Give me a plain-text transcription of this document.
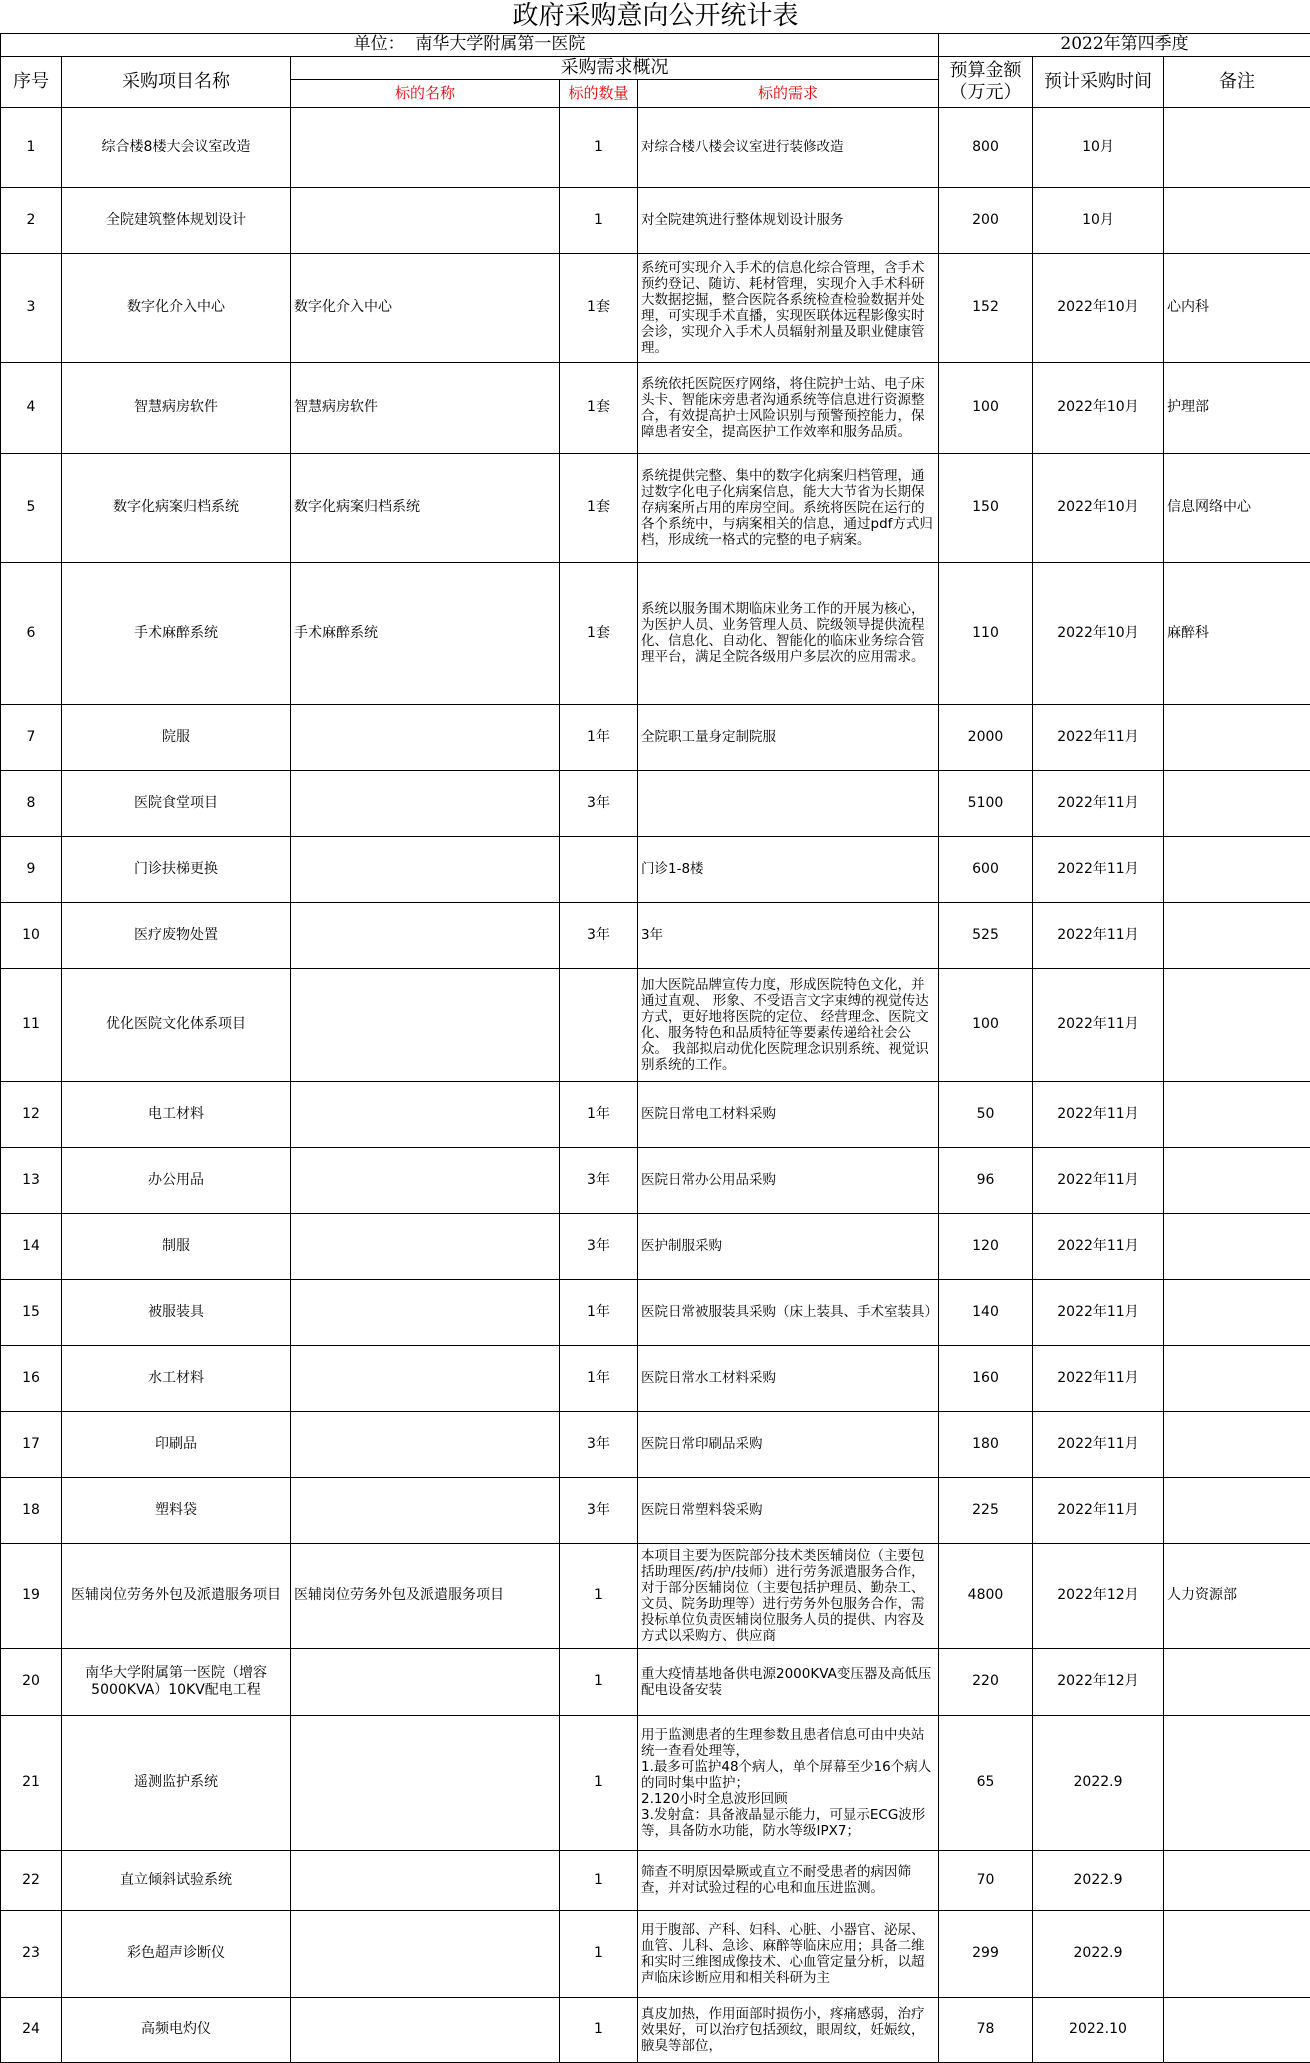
政府采购意向公开统计表							
单位： 南华大学附属第一医院					2022年第四季度		
序号	采购项目名称	采购需求概况			预算金额（万元）	预计采购时间	备注
		标的名称	标的数量	标的需求			
1	综合楼8楼大会议室改造		1	对综合楼八楼会议室进行装修改造	800	10月	
2	全院建筑整体规划设计		1	对全院建筑进行整体规划设计服务	200	10月	
3	数字化介入中心	数字化介入中心	1套	系统可实现介入手术的信息化综合管理，含手术预约登记、随访、耗材管理，实现介入手术科研大数据挖掘，整合医院各系统检查检验数据并处理，可实现手术直播，实现医联体远程影像实时会诊，实现介入手术人员辐射剂量及职业健康管理。	152	2022年10月	心内科
4	智慧病房软件	智慧病房软件	1套	系统依托医院医疗网络，将住院护士站、电子床头卡、智能床旁患者沟通系统等信息进行资源整合，有效提高护士风险识别与预警预控能力，保障患者安全，提高医护工作效率和服务品质。	100	2022年10月	护理部
5	数字化病案归档系统	数字化病案归档系统	1套	系统提供完整、集中的数字化病案归档管理，通过数字化电子化病案信息，能大大节省为长期保存病案所占用的库房空间。系统将医院在运行的各个系统中，与病案相关的信息，通过pdf方式归档，形成统一格式的完整的电子病案。	150	2022年10月	信息网络中心
6	手术麻醉系统	手术麻醉系统	1套	系统以服务围术期临床业务工作的开展为核心，为医护人员、业务管理人员、院级领导提供流程化、信息化、自动化、智能化的临床业务综合管理平台，满足全院各级用户多层次的应用需求。	110	2022年10月	麻醉科
7	院服		1年	全院职工量身定制院服	2000	2022年11月	
8	医院食堂项目		3年		5100	2022年11月	
9	门诊扶梯更换			门诊1-8楼	600	2022年11月	
10	医疗废物处置		3年	3年	525	2022年11月	
11	优化医院文化体系项目			加大医院品牌宣传力度，形成医院特色文化，并通过直观、 形象、不受语言文字束缚的视觉传达方式，更好地将医院的定位、 经营理念、医院文化、服务特色和品质特征等要素传递给社会公众。 我部拟启动优化医院理念识别系统、视觉识别系统的工作。	100	2022年11月	
12	电工材料		1年	医院日常电工材料采购	50	2022年11月	
13	办公用品		3年	医院日常办公用品采购	96	2022年11月	
14	制服		3年	医护制服采购	120	2022年11月	
15	被服装具		1年	医院日常被服装具采购（床上装具、手术室装具）	140	2022年11月	
16	水工材料		1年	医院日常水工材料采购	160	2022年11月	
17	印刷品		3年	医院日常印刷品采购	180	2022年11月	
18	塑料袋		3年	医院日常塑料袋采购	225	2022年11月	
19	医辅岗位劳务外包及派遣服务项目	医辅岗位劳务外包及派遣服务项目	1	本项目主要为医院部分技术类医辅岗位（主要包括助理医/药/护/技师）进行劳务派遣服务合作，对于部分医辅岗位（主要包括护理员、勤杂工、文员、院务助理等）进行劳务外包服务合作，需投标单位负责医辅岗位服务人员的提供、内容及方式以采购方、供应商	4800	2022年12月	人力资源部
20	南华大学附属第一医院（增容5000KVA）10KV配电工程		1	重大疫情基地备供电源2000KVA变压器及高低压配电设备安装	220	2022年12月	
21	遥测监护系统		1	用于监测患者的生理参数且患者信息可由中央站统一查看处理等，
1.最多可监护48个病人，单个屏幕至少16个病人的同时集中监护；
2.120小时全息波形回顾
3.发射盒：具备液晶显示能力，可显示ECG波形等，具备防水功能，防水等级IPX7；	65	2022.9	
22	直立倾斜试验系统		1	筛查不明原因晕厥或直立不耐受患者的病因筛查，并对试验过程的心电和血压进监测。	70	2022.9	
23	彩色超声诊断仪		1	用于腹部、产科、妇科、心脏、小器官、泌尿、血管、儿科、急诊、麻醉等临床应用；具备二维和实时三维图成像技术、心血管定量分析，以超声临床诊断应用和相关科研为主	299	2022.9	
24	高频电灼仪		1	真皮加热，作用面部时损伤小，疼痛感弱，治疗效果好，可以治疗包括颈纹，眼周纹，妊娠纹，腋臭等部位，	78	2022.10	
